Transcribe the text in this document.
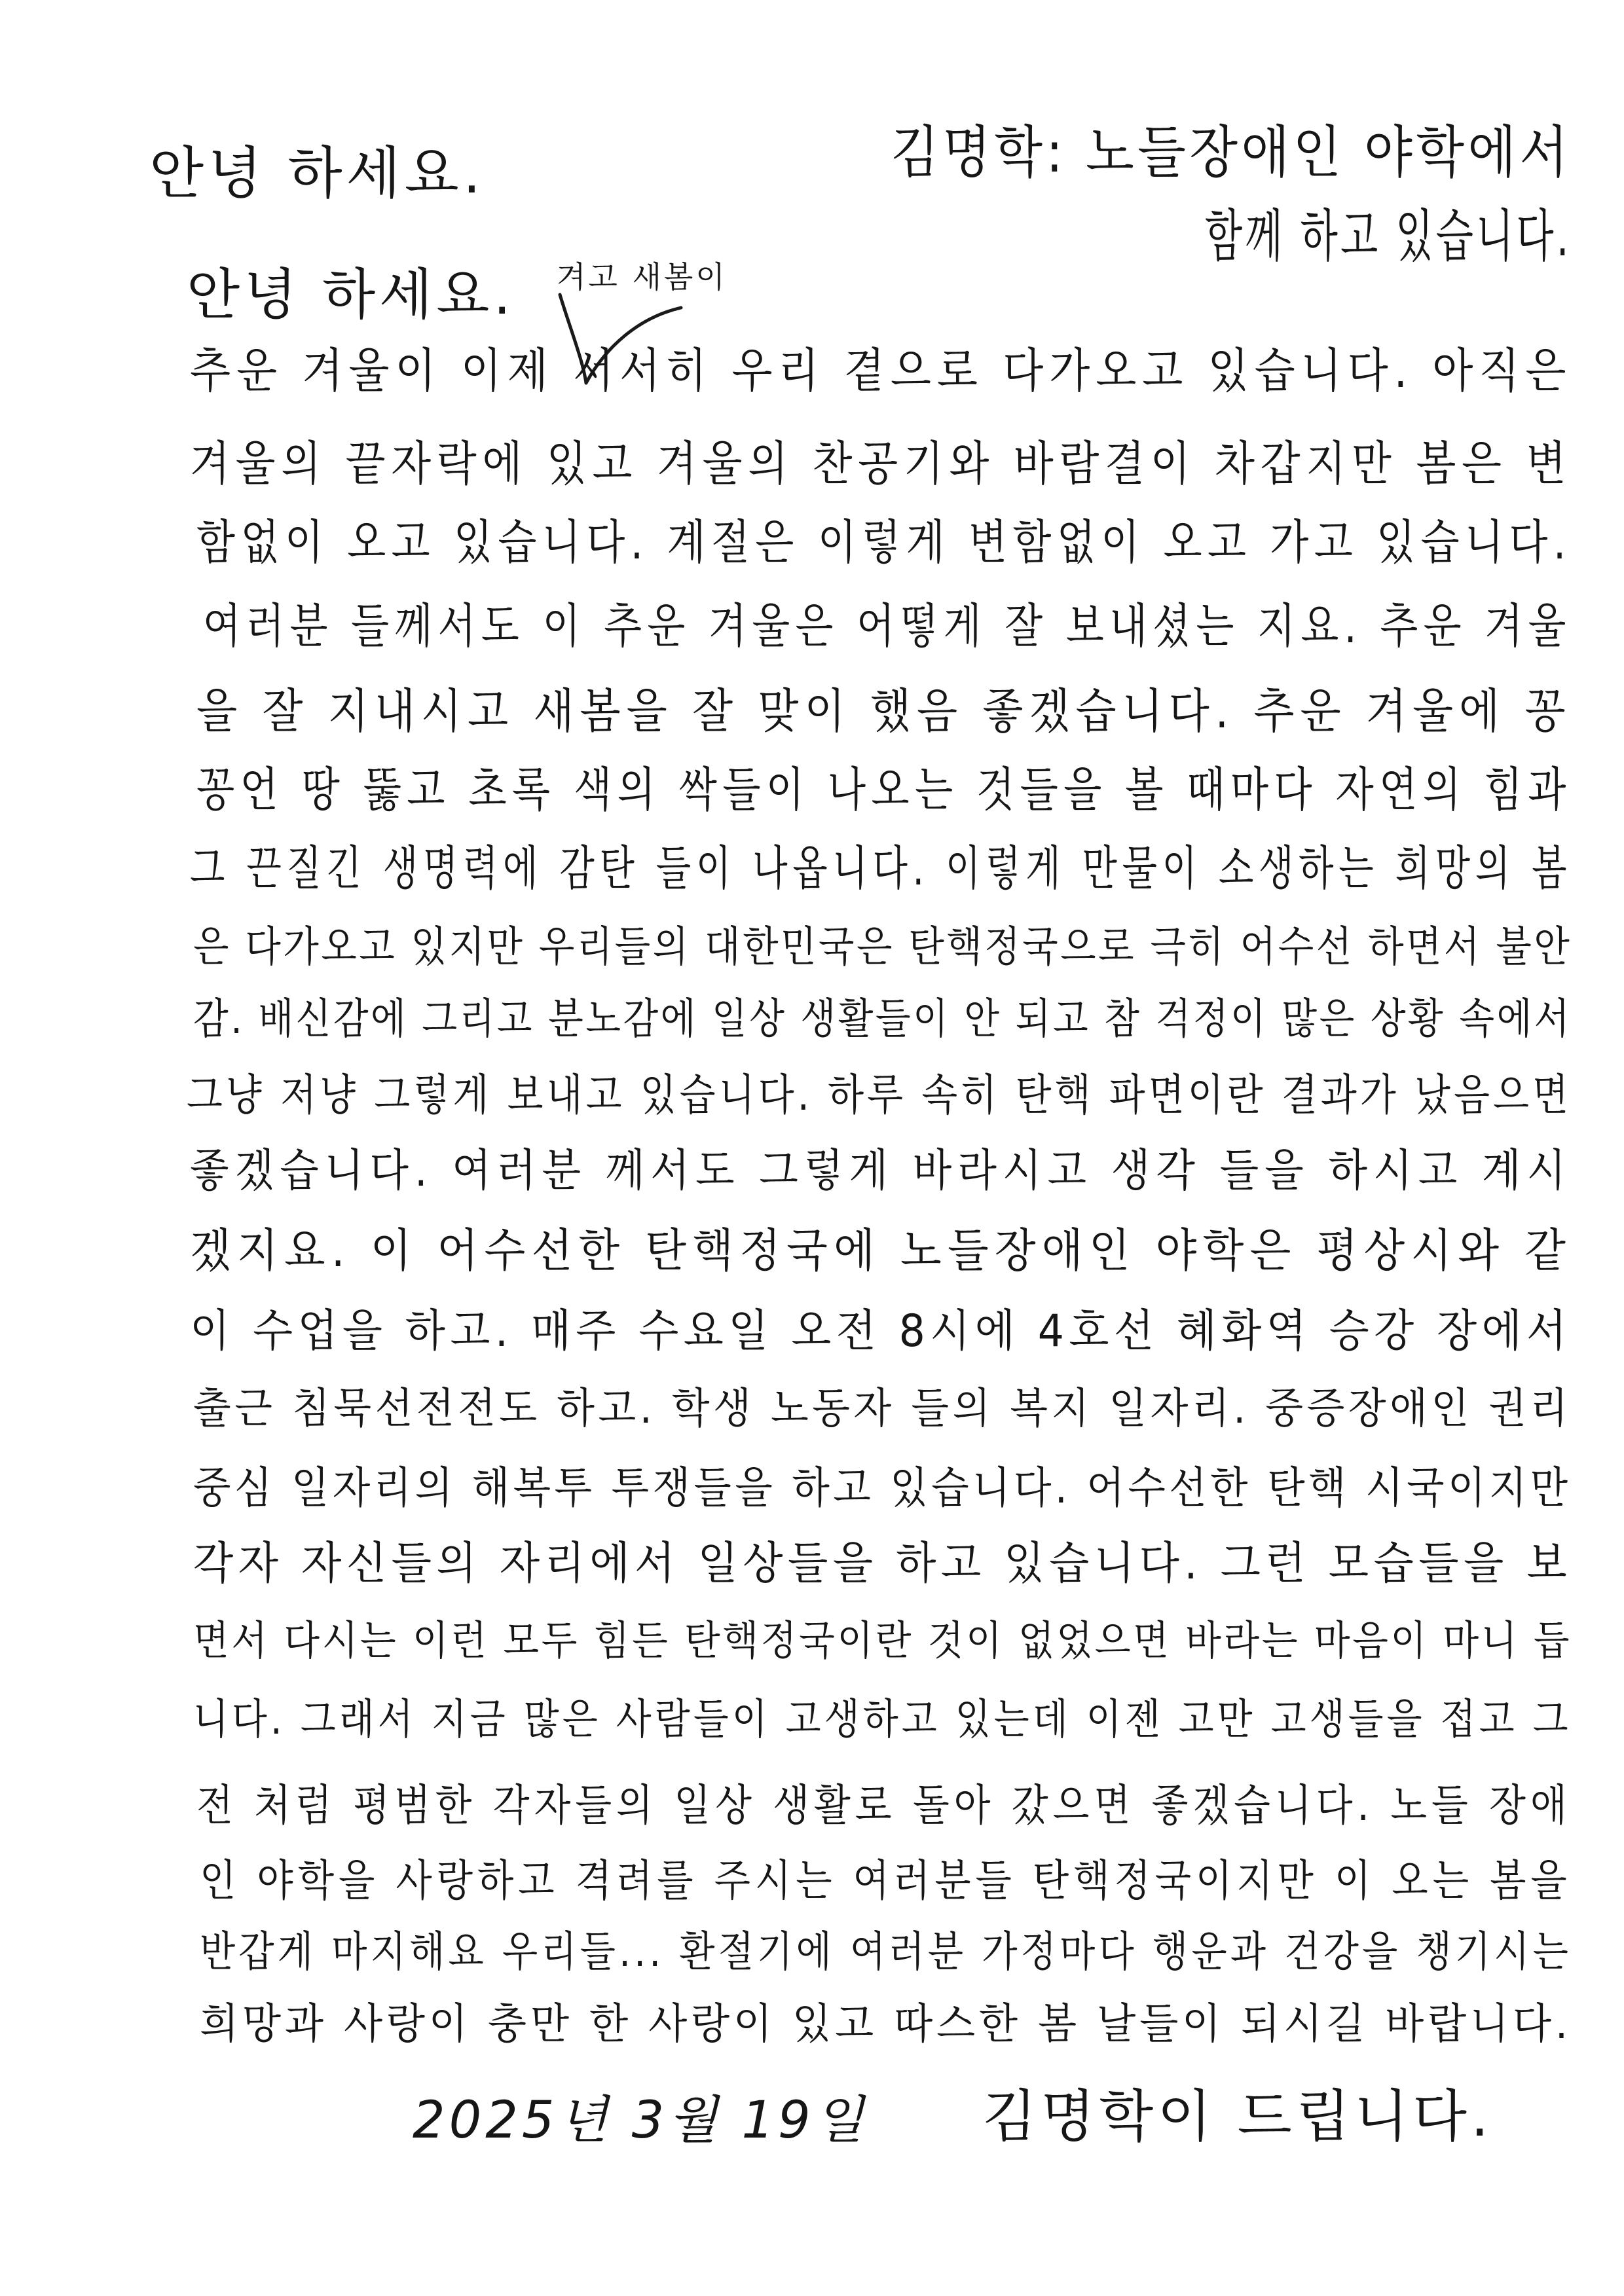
안녕 하세요.	김명학: 노들장애인 야학에서
함께 하고 있습니다.
안녕 하세요. 겨고 새봄이
추운 겨울이 이제 서서히 우리 곁으로 다가오고 있습니다. 아직은
겨울의 끝자락에 있고 겨울의 찬공기와 바람결이 차갑지만 봄은 변
함없이 오고 있습니다. 계절은 이렇게 변함없이 오고 가고 있습니다.
여러분 들께서도 이 추운 겨울은 어떻게 잘 보내셨는 지요. 추운 겨울
을 잘 지내시고 새봄을 잘 맞이 했음 좋겠습니다. 추운 겨울에 꽁
꽁언 땅 뚫고 초록 색의 싹들이 나오는 것들을 볼 때마다 자연의 힘과
그 끈질긴 생명력에 감탄 들이 나옵니다. 이렇게 만물이 소생하는 희망의 봄
은 다가오고 있지만 우리들의 대한민국은 탄핵정국으로 극히 어수선 하면서 불안
감. 배신감에 그리고 분노감에 일상 생활들이 안 되고 참 걱정이 많은 상황 속에서
그냥 저냥 그렇게 보내고 있습니다. 하루 속히 탄핵 파면이란 결과가 났음으면
좋겠습니다. 여러분 께서도 그렇게 바라시고 생각 들을 하시고 계시
겠지요. 이 어수선한 탄핵정국에 노들장애인 야학은 평상시와 같
이 수업을 하고. 매주 수요일 오전 8시에 4호선 혜화역 승강 장에서
출근 침묵선전전도 하고. 학생 노동자 들의 복지 일자리. 중증장애인 권리
중심 일자리의 해복투 투쟁들을 하고 있습니다. 어수선한 탄핵 시국이지만
각자 자신들의 자리에서 일상들을 하고 있습니다. 그런 모습들을 보
면서 다시는 이런 모두 힘든 탄핵정국이란 것이 없었으면 바라는 마음이 마니 듭
니다. 그래서 지금 많은 사람들이 고생하고 있는데 이젠 고만 고생들을 접고 그
전 처럼 평범한 각자들의 일상 생활로 돌아 갔으면 좋겠습니다. 노들 장애
인 야학을 사랑하고 격려를 주시는 여러분들 탄핵정국이지만 이 오는 봄을
반갑게 마지해요 우리들... 환절기에 여러분 가정마다 행운과 건강을 챙기시는
희망과 사랑이 충만 한 사랑이 있고 따스한 봄 날들이 되시길 바랍니다.
2025년 3월 19일 김명학이 드립니다.
